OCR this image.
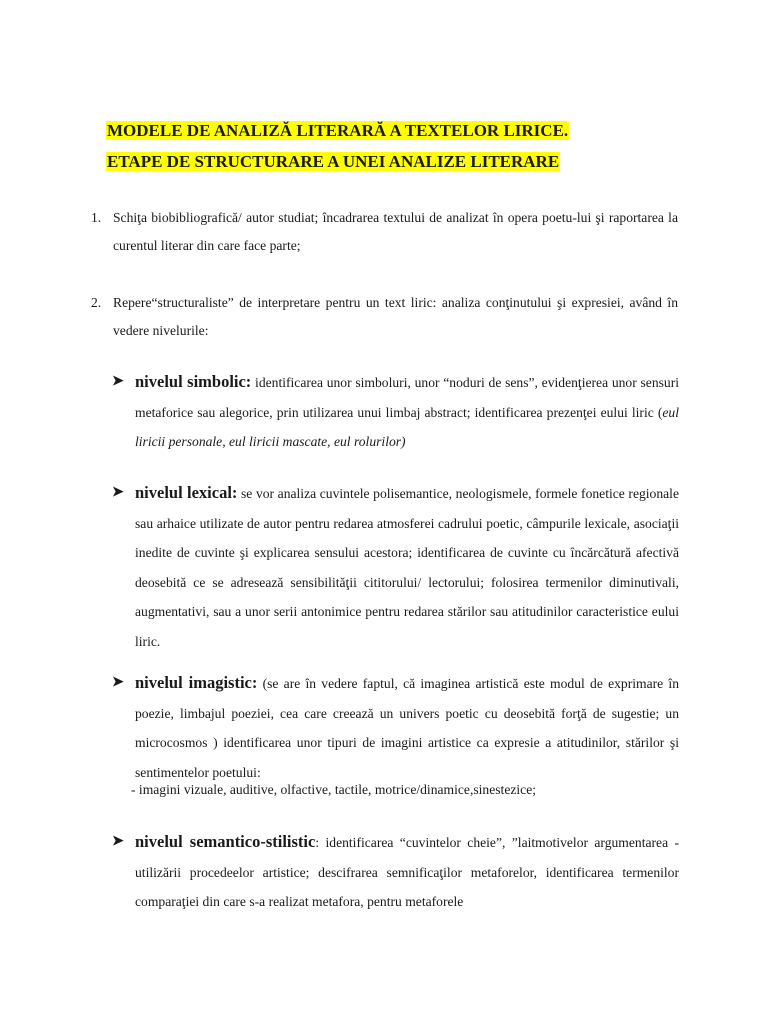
MODELE DE ANALIZĂ LITERARĂ A TEXTELOR LIRICE.
ETAPE DE STRUCTURARE A UNEI ANALIZE LITERARE
1. Schiţa biobibliografică/ autor studiat; încadrarea textului de analizat în opera poetu-lui şi raportarea la curentul literar din care face parte;
2. Repere“structuraliste” de interpretare pentru un text liric: analiza conţinutului şi expresiei, având în vedere nivelurile:
➤ nivelul simbolic: identificarea unor simboluri, unor “noduri de sens”, evidenţierea unor sensuri metaforice sau alegorice, prin utilizarea unui limbaj abstract; identificarea prezenţei eului liric (eul liricii personale, eul liricii mascate, eul rolurilor)
➤ nivelul lexical: se vor analiza cuvintele polisemantice, neologismele, formele fonetice regionale sau arhaice utilizate de autor pentru redarea atmosferei cadrului poetic, câmpurile lexicale, asociaţii inedite de cuvinte şi explicarea sensului acestora; identificarea de cuvinte cu încărcătură afectivă deosebită ce se adresează sensibilităţii cititorului/ lectorului; folosirea termenilor diminutivali, augmentativi, sau a unor serii antonimice pentru redarea stărilor sau atitudinilor caracteristice eului liric.
➤ nivelul imagistic: (se are în vedere faptul, că imaginea artistică este modul de exprimare în poezie, limbajul poeziei, cea care creează un univers poetic cu deosebită forţă de sugestie; un microcosmos ) identificarea unor tipuri de imagini artistice ca expresie a atitudinilor, stărilor şi sentimentelor poetului:
- imagini vizuale, auditive, olfactive, tactile, motrice/dinamice,sinestezice;
➤ nivelul semantico-stilistic: identificarea “cuvintelor cheie”, ”laitmotivelor argumentarea - utilizării procedeelor artistice; descifrarea semnificaţilor metaforelor, identificarea termenilor comparaţiei din care s-a realizat metafora, pentru metaforele
